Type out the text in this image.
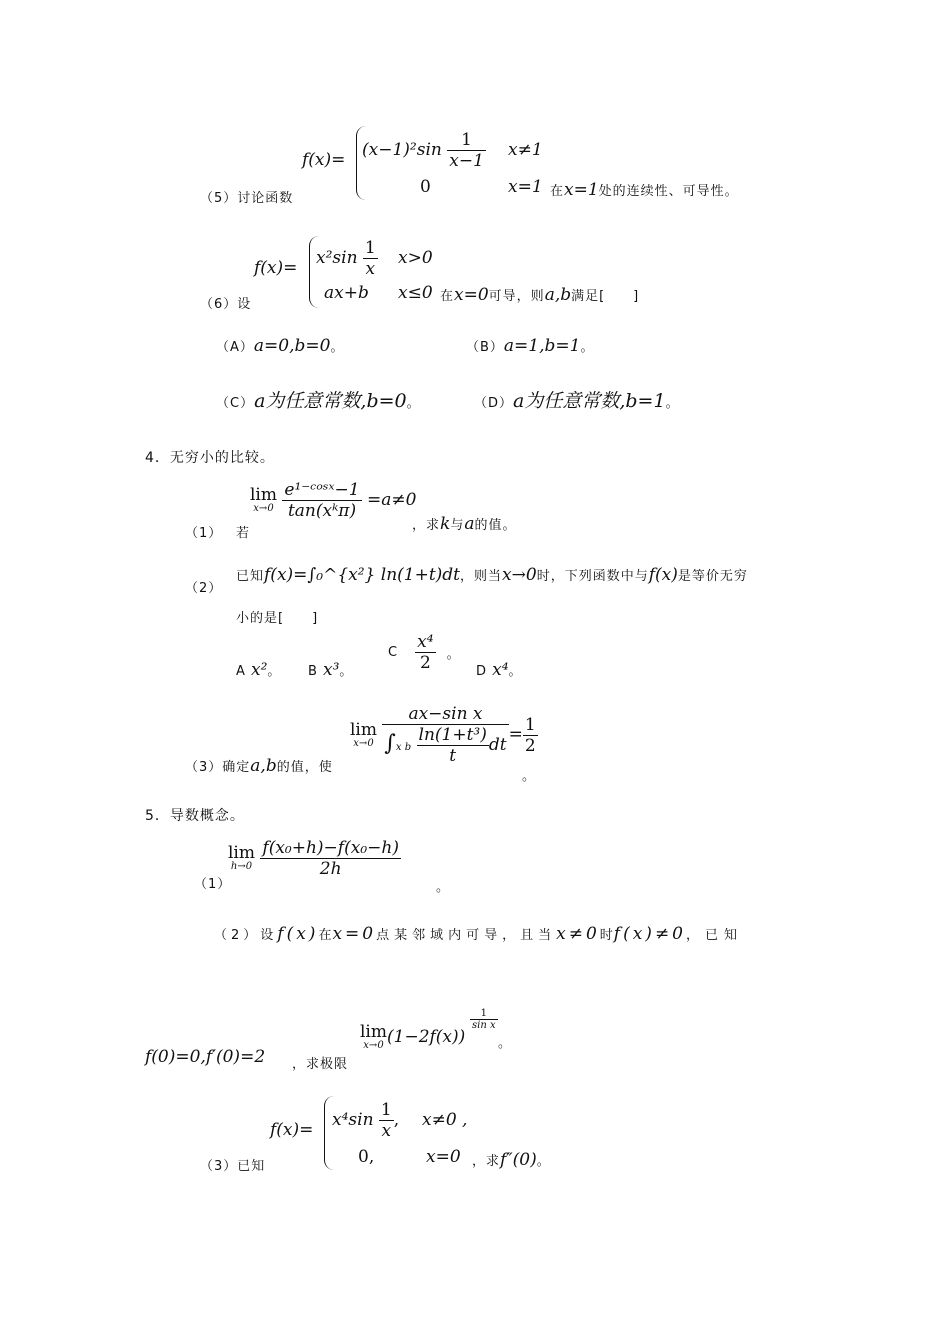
$f(x)= (x-1)^2\sin \frac{1}{x-1} x\ne 1$
0	x=1
（5）讨论函数	在x=1处的连续性、可导性。
$f(x)= x^2\sin \frac{1}{x} x>0$
ax+b x≤0
（6）设
在x=0可导，则a,b满足[　　]
（A）a=0,b=0。	（B）a=1,b=1。
（C）a为任意常数,b=0。	（D）a为任意常数,b=1。
4．无穷小的比较。
lim
x→0
$\frac{\text{e¹⁻ᶜᵒˢˣ−1}}{\text{tan(xᵏπ)}} =a\ne 0$
（1） 若
，求k与a的值。
（2）
已知f(x)=∫₀^{x²} ln(1+t)dt，则当x→0时，下列函数中与f(x)是等价无穷
小的是[　　]
A x²。 B x³。
C $\frac{\text{x⁴}}{2}$ 。
D x⁴。
lim
x→0
$\frac{\text{ax−sin x}}{\int x b \frac{\text{ln(1+t³)}}{t} dt} = \frac{1}{2}$
（3）确定a,b的值，使
。
5．导数概念。
lim
h→0
$\frac{\text{f(x₀+h)−f(x₀−h)}}{2h}$
（1）	。
（2）设f(x)在x=0点某邻域内可导，且当x≠0时f(x)≠0，已知
f(0)=0,f′(0)=2 ，求极限
lim
x→0 (1−2f(x))
$\frac{1}{\text{sin x}}$
。
$f(x)= x^4\sin \frac{1}{x}$ , x≠0 ,
0,	x=0
（3）已知	，求f″(0)。
